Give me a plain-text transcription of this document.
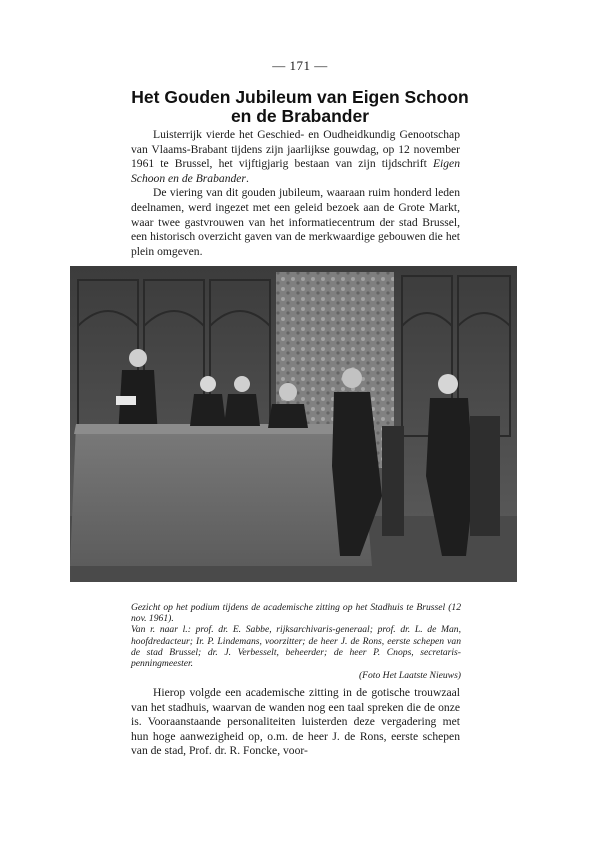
— 171 —
Het Gouden Jubileum van Eigen Schoon
en de Brabander

Luisterrijk vierde het Geschied- en Oudheidkundig Genootschap van Vlaams-Brabant tijdens zijn jaarlijkse gouwdag, op 12 november 1961 te Brussel, het vijftigjarig bestaan van zijn tijdschrift Eigen Schoon en de Brabander.

De viering van dit gouden jubileum, waaraan ruim honderd leden deelnamen, werd ingezet met een geleid bezoek aan de Grote Markt, waar twee gastvrouwen van het informatiecentrum der stad Brussel, een historisch overzicht gaven van de merkwaardige gebouwen die het plein omgeven.

Gezicht op het podium tijdens de academische zitting op het Stadhuis te Brussel (12 nov. 1961).

Van r. naar l.: prof. dr. E. Sabbe, rijksarchivaris-generaal; prof. dr. L. de Man, hoofdredacteur; Ir. P. Lindemans, voorzitter; de heer J. de Rons, eerste schepen van de stad Brussel; dr. J. Verbesselt, beheerder; de heer P. Cnops, secretaris-penningmeester.

(Foto Het Laatste Nieuws)

Hierop volgde een academische zitting in de gotische trouwzaal van het stadhuis, waarvan de wanden nog een taal spreken die de onze is. Vooraanstaande personaliteiten luisterden deze vergadering met hun hoge aanwezigheid op, o.m. de heer J. de Rons, eerste schepen van de stad, Prof. dr. R. Foncke, voor-
